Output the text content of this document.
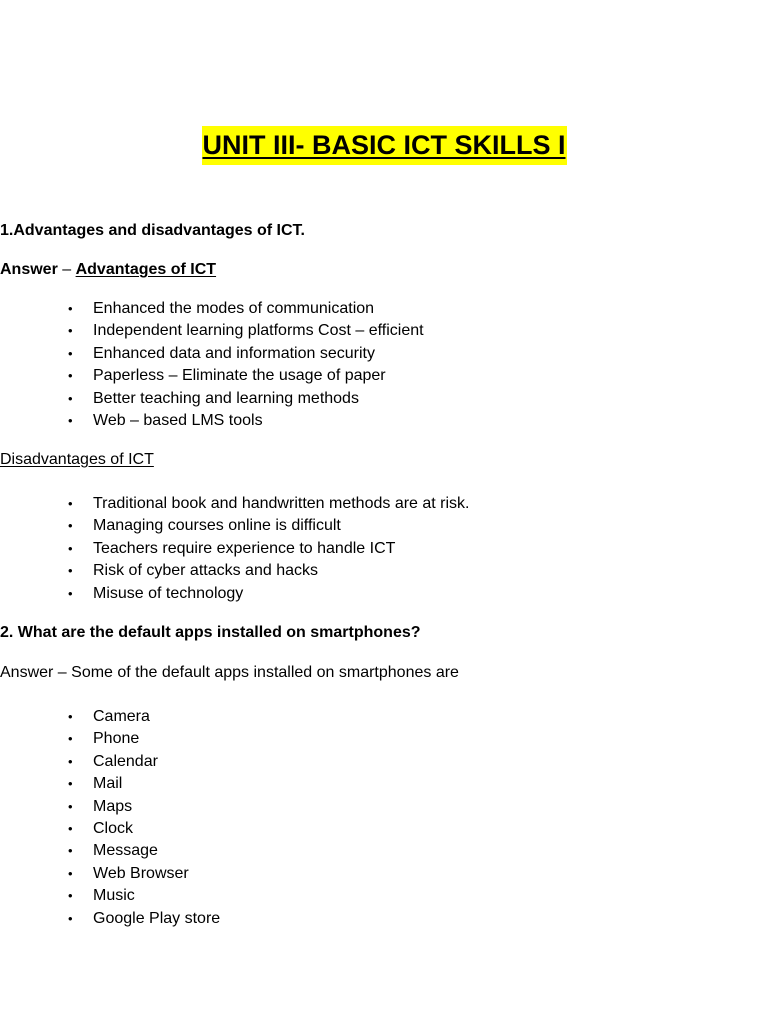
UNIT III- BASIC ICT SKILLS I
1.Advantages and disadvantages of ICT.
Answer – Advantages of ICT
• Enhanced the modes of communication
• Independent learning platforms Cost – efficient
• Enhanced data and information security
• Paperless – Eliminate the usage of paper
• Better teaching and learning methods
• Web – based LMS tools
Disadvantages of ICT
• Traditional book and handwritten methods are at risk.
• Managing courses online is difficult
• Teachers require experience to handle ICT
• Risk of cyber attacks and hacks
• Misuse of technology
2. What are the default apps installed on smartphones?
Answer – Some of the default apps installed on smartphones are
• Camera
• Phone
• Calendar
• Mail
• Maps
• Clock
• Message
• Web Browser
• Music
• Google Play store
